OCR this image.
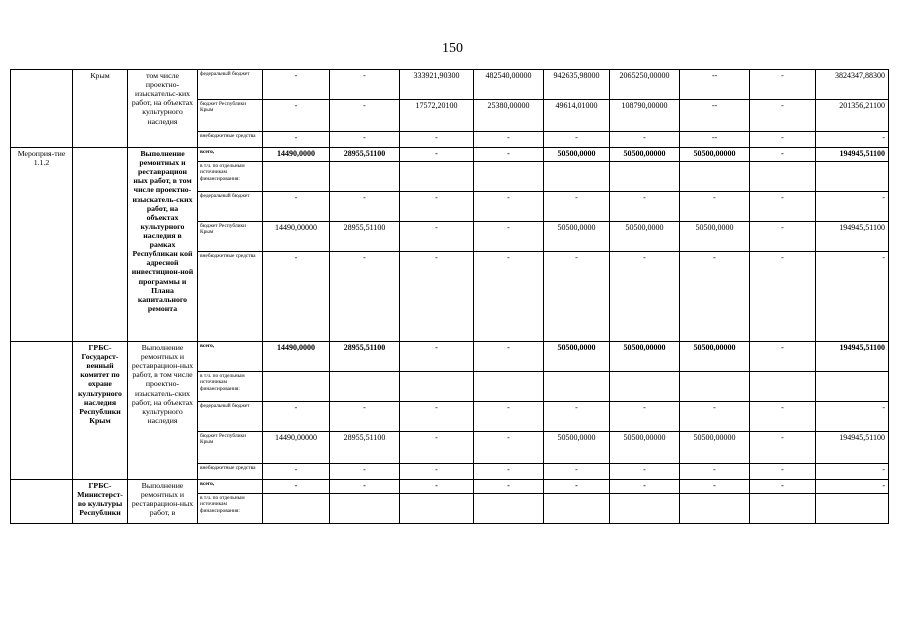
150
	Крым	том числе проектно-изыскательс-ких работ, на объектах культурного наследия	федеральный бюджет	-	-	333921,90300	482540,00000	942635,98000	2065250,00000	--	-	3824347,88300
			бюджет Республики Крым	-	-	17572,20100	25380,00000	49614,01000	108790,00000	--	-	201356,21100
			внебюджетные средства	-	-	-	-	-	-	--	-	-
Мероприя-тие 1.1.2		Выполнение ремонтных и реставрацион ных работ, в том числе проектно-изыскатель-ских работ, на объектах культурного наследия в рамках Республикан кой адресной инвестицион-ной программы и Плана капитального ремонта	всего,	14490,0000	28955,51100	-	-	50500,0000	50500,00000	50500,00000	-	194945,51100
			в т.ч. по отдельным источникам финансирования:									
			федеральный бюджет	-	-	-	-	-	-	-	-	-
			бюджет Республики Крым	14490,00000	28955,51100	-	-	50500,0000	50500,0000	50500,0000	-	194945,51100
			внебюджетные средства	-	-	-	-	-	-	-	-	-
	ГРБС- Государст-венный комитет по охране культурного наследия Республики Крым	Выполнение ремонтных и реставрацион-ных работ, в том числе проектно-изыскатель-ских работ, на объектах культурного наследия	всего,	14490,0000	28955,51100	-	-	50500,0000	50500,00000	50500,00000	-	194945,51100
			в т.ч. по отдельным источникам финансирования:									
			федеральный бюджет	-	-	-	-	-	-	-	-	-
			бюджет Республики Крым	14490,00000	28955,51100	-	-	50500,0000	50500,00000	50500,00000	-	194945,51100
			внебюджетные средства	-	-	-	-	-	-	-	-	-
	ГРБС- Министерст-во культуры Республики	Выполнение ремонтных и реставрацион-ных работ, в	всего,	-	-	-	-	-	-	-	-	-
			в т.ч. по отдельным источникам финансирования:									
